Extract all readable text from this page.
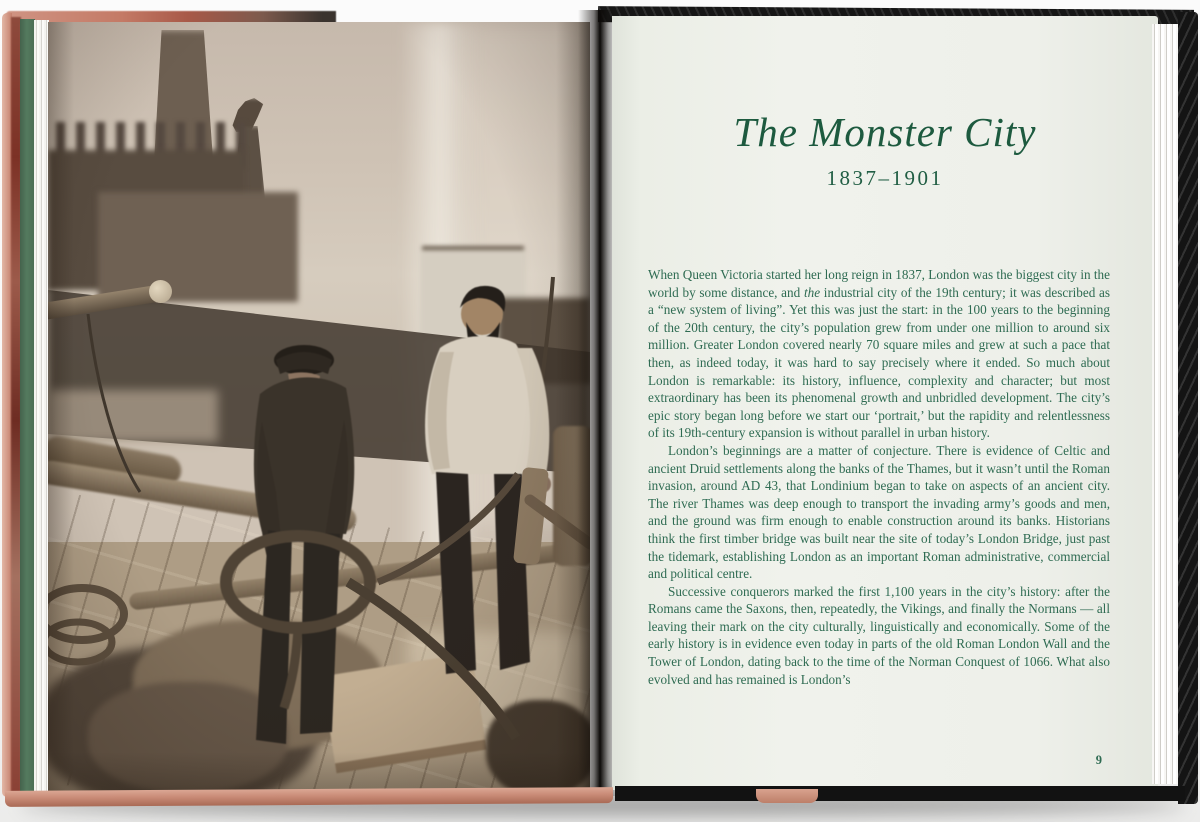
The Monster City
1837–1901

When Queen Victoria started her long reign in 1837, London was the biggest city in the world by some distance, and the industrial city of the 19th century; it was described as a “new system of living”. Yet this was just the start: in the 100 years to the beginning of the 20th century, the city’s population grew from under one million to around six million. Greater London covered nearly 70 square miles and grew at such a pace that then, as indeed today, it was hard to say precisely where it ended. So much about London is remarkable: its history, influence, complexity and character; but most extraordinary has been its phenomenal growth and unbridled development. The city’s epic story began long before we start our ‘portrait,’ but the rapidity and relentlessness of its 19th-century expansion is without parallel in urban history.

London’s beginnings are a matter of conjecture. There is evidence of Celtic and ancient Druid settlements along the banks of the Thames, but it wasn’t until the Roman invasion, around AD 43, that Londinium began to take on aspects of an ancient city. The river Thames was deep enough to transport the invading army’s goods and men, and the ground was firm enough to enable construction around its banks. Historians think the first timber bridge was built near the site of today’s London Bridge, just past the tidemark, establishing London as an important Roman administrative, commercial and political centre.

Successive conquerors marked the first 1,100 years in the city’s history: after the Romans came the Saxons, then, repeatedly, the Vikings, and finally the Normans — all leaving their mark on the city culturally, linguistically and economically. Some of the early history is in evidence even today in parts of the old Roman London Wall and the Tower of London, dating back to the time of the Norman Conquest of 1066. What also evolved and has remained is London’s

9
